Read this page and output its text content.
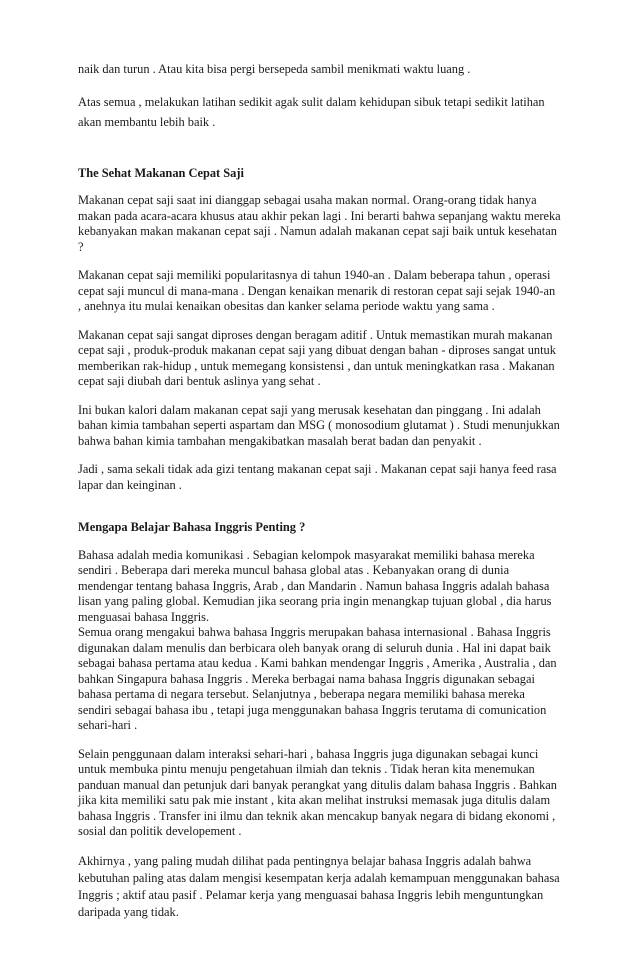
naik dan turun . Atau kita bisa pergi bersepeda sambil menikmati waktu luang .
Atas semua , melakukan latihan sedikit agak sulit dalam kehidupan sibuk tetapi sedikit latihan
akan membantu lebih baik .
The Sehat Makanan Cepat Saji
Makanan cepat saji saat ini dianggap sebagai usaha makan normal. Orang-orang tidak hanya
makan pada acara-acara khusus atau akhir pekan lagi . Ini berarti bahwa sepanjang waktu mereka
kebanyakan makan makanan cepat saji . Namun adalah makanan cepat saji baik untuk kesehatan
?
Makanan cepat saji memiliki popularitasnya di tahun 1940-an . Dalam beberapa tahun , operasi
cepat saji muncul di mana-mana . Dengan kenaikan menarik di restoran cepat saji sejak 1940-an
, anehnya itu mulai kenaikan obesitas dan kanker selama periode waktu yang sama .
Makanan cepat saji sangat diproses dengan beragam aditif . Untuk memastikan murah makanan
cepat saji , produk-produk makanan cepat saji yang dibuat dengan bahan - diproses sangat untuk
memberikan rak-hidup , untuk memegang konsistensi , dan untuk meningkatkan rasa . Makanan
cepat saji diubah dari bentuk aslinya yang sehat .
Ini bukan kalori dalam makanan cepat saji yang merusak kesehatan dan pinggang . Ini adalah
bahan kimia tambahan seperti aspartam dan MSG ( monosodium glutamat ) . Studi menunjukkan
bahwa bahan kimia tambahan mengakibatkan masalah berat badan dan penyakit .
Jadi , sama sekali tidak ada gizi tentang makanan cepat saji . Makanan cepat saji hanya feed rasa
lapar dan keinginan .
Mengapa Belajar Bahasa Inggris Penting ?
Bahasa adalah media komunikasi . Sebagian kelompok masyarakat memiliki bahasa mereka
sendiri . Beberapa dari mereka muncul bahasa global atas . Kebanyakan orang di dunia
mendengar tentang bahasa Inggris, Arab , dan Mandarin . Namun bahasa Inggris adalah bahasa
lisan yang paling global. Kemudian jika seorang pria ingin menangkap tujuan global , dia harus
menguasai bahasa Inggris.
Semua orang mengakui bahwa bahasa Inggris merupakan bahasa internasional . Bahasa Inggris
digunakan dalam menulis dan berbicara oleh banyak orang di seluruh dunia . Hal ini dapat baik
sebagai bahasa pertama atau kedua . Kami bahkan mendengar Inggris , Amerika , Australia , dan
bahkan Singapura bahasa Inggris . Mereka berbagai nama bahasa Inggris digunakan sebagai
bahasa pertama di negara tersebut. Selanjutnya , beberapa negara memiliki bahasa mereka
sendiri sebagai bahasa ibu , tetapi juga menggunakan bahasa Inggris terutama di comunication
sehari-hari .
Selain penggunaan dalam interaksi sehari-hari , bahasa Inggris juga digunakan sebagai kunci
untuk membuka pintu menuju pengetahuan ilmiah dan teknis . Tidak heran kita menemukan
panduan manual dan petunjuk dari banyak perangkat yang ditulis dalam bahasa Inggris . Bahkan
jika kita memiliki satu pak mie instant , kita akan melihat instruksi memasak juga ditulis dalam
bahasa Inggris . Transfer ini ilmu dan teknik akan mencakup banyak negara di bidang ekonomi ,
sosial dan politik developement .
Akhirnya , yang paling mudah dilihat pada pentingnya belajar bahasa Inggris adalah bahwa
kebutuhan paling atas dalam mengisi kesempatan kerja adalah kemampuan menggunakan bahasa
Inggris ; aktif atau pasif . Pelamar kerja yang menguasai bahasa Inggris lebih menguntungkan
daripada yang tidak.
